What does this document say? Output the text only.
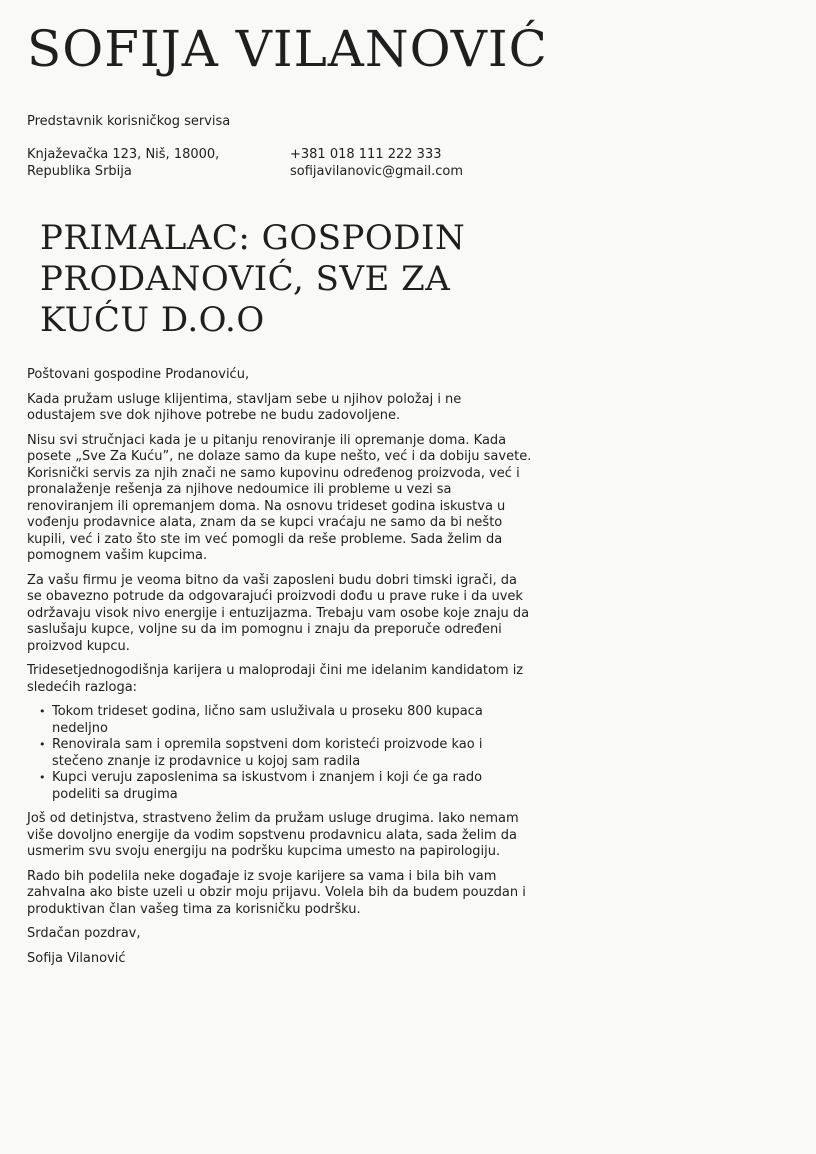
SOFIJA VILANOVIĆ
Predstavnik korisničkog servisa
Knjaževačka 123, Niš, 18000,
Republika Srbija
+381 018 111 222 333
sofijavilanovic@gmail.com
PRIMALAC: GOSPODIN PRODANOVIĆ, SVE ZA KUĆU D.O.O

Poštovani gospodine Prodanoviću,

Kada pružam usluge klijentima, stavljam sebe u njihov položaj i ne odustajem sve dok njihove potrebe ne budu zadovoljene.

Nisu svi stručnjaci kada je u pitanju renoviranje ili opremanje doma. Kada posete „Sve Za Kuću”, ne dolaze samo da kupe nešto, već i da dobiju savete. Korisnički servis za njih znači ne samo kupovinu određenog proizvoda, već i pronalaženje rešenja za njihove nedoumice ili probleme u vezi sa renoviranjem ili opremanjem doma. Na osnovu trideset godina iskustva u vođenju prodavnice alata, znam da se kupci vraćaju ne samo da bi nešto kupili, već i zato što ste im već pomogli da reše probleme. Sada želim da pomognem vašim kupcima.

Za vašu firmu je veoma bitno da vaši zaposleni budu dobri timski igrači, da se obavezno potrude da odgovarajući proizvodi dođu u prave ruke i da uvek održavaju visok nivo energije i entuzijazma. Trebaju vam osobe koje znaju da saslušaju kupce, voljne su da im pomognu i znaju da preporuče određeni proizvod kupcu.

Tridesetjednogodišnja karijera u maloprodaji čini me idelanim kandidatom iz sledećih razloga:

• Tokom trideset godina, lično sam usluživala u proseku 800 kupaca nedeljno
• Renovirala sam i opremila sopstveni dom koristeći proizvode kao i stečeno znanje iz prodavnice u kojoj sam radila
• Kupci veruju zaposlenima sa iskustvom i znanjem i koji će ga rado podeliti sa drugima

Još od detinjstva, strastveno želim da pružam usluge drugima. Iako nemam više dovoljno energije da vodim sopstvenu prodavnicu alata, sada želim da usmerim svu svoju energiju na podršku kupcima umesto na papirologiju.

Rado bih podelila neke događaje iz svoje karijere sa vama i bila bih vam zahvalna ako biste uzeli u obzir moju prijavu. Volela bih da budem pouzdan i produktivan član vašeg tima za korisničku podršku.

Srdačan pozdrav,

Sofija Vilanović
